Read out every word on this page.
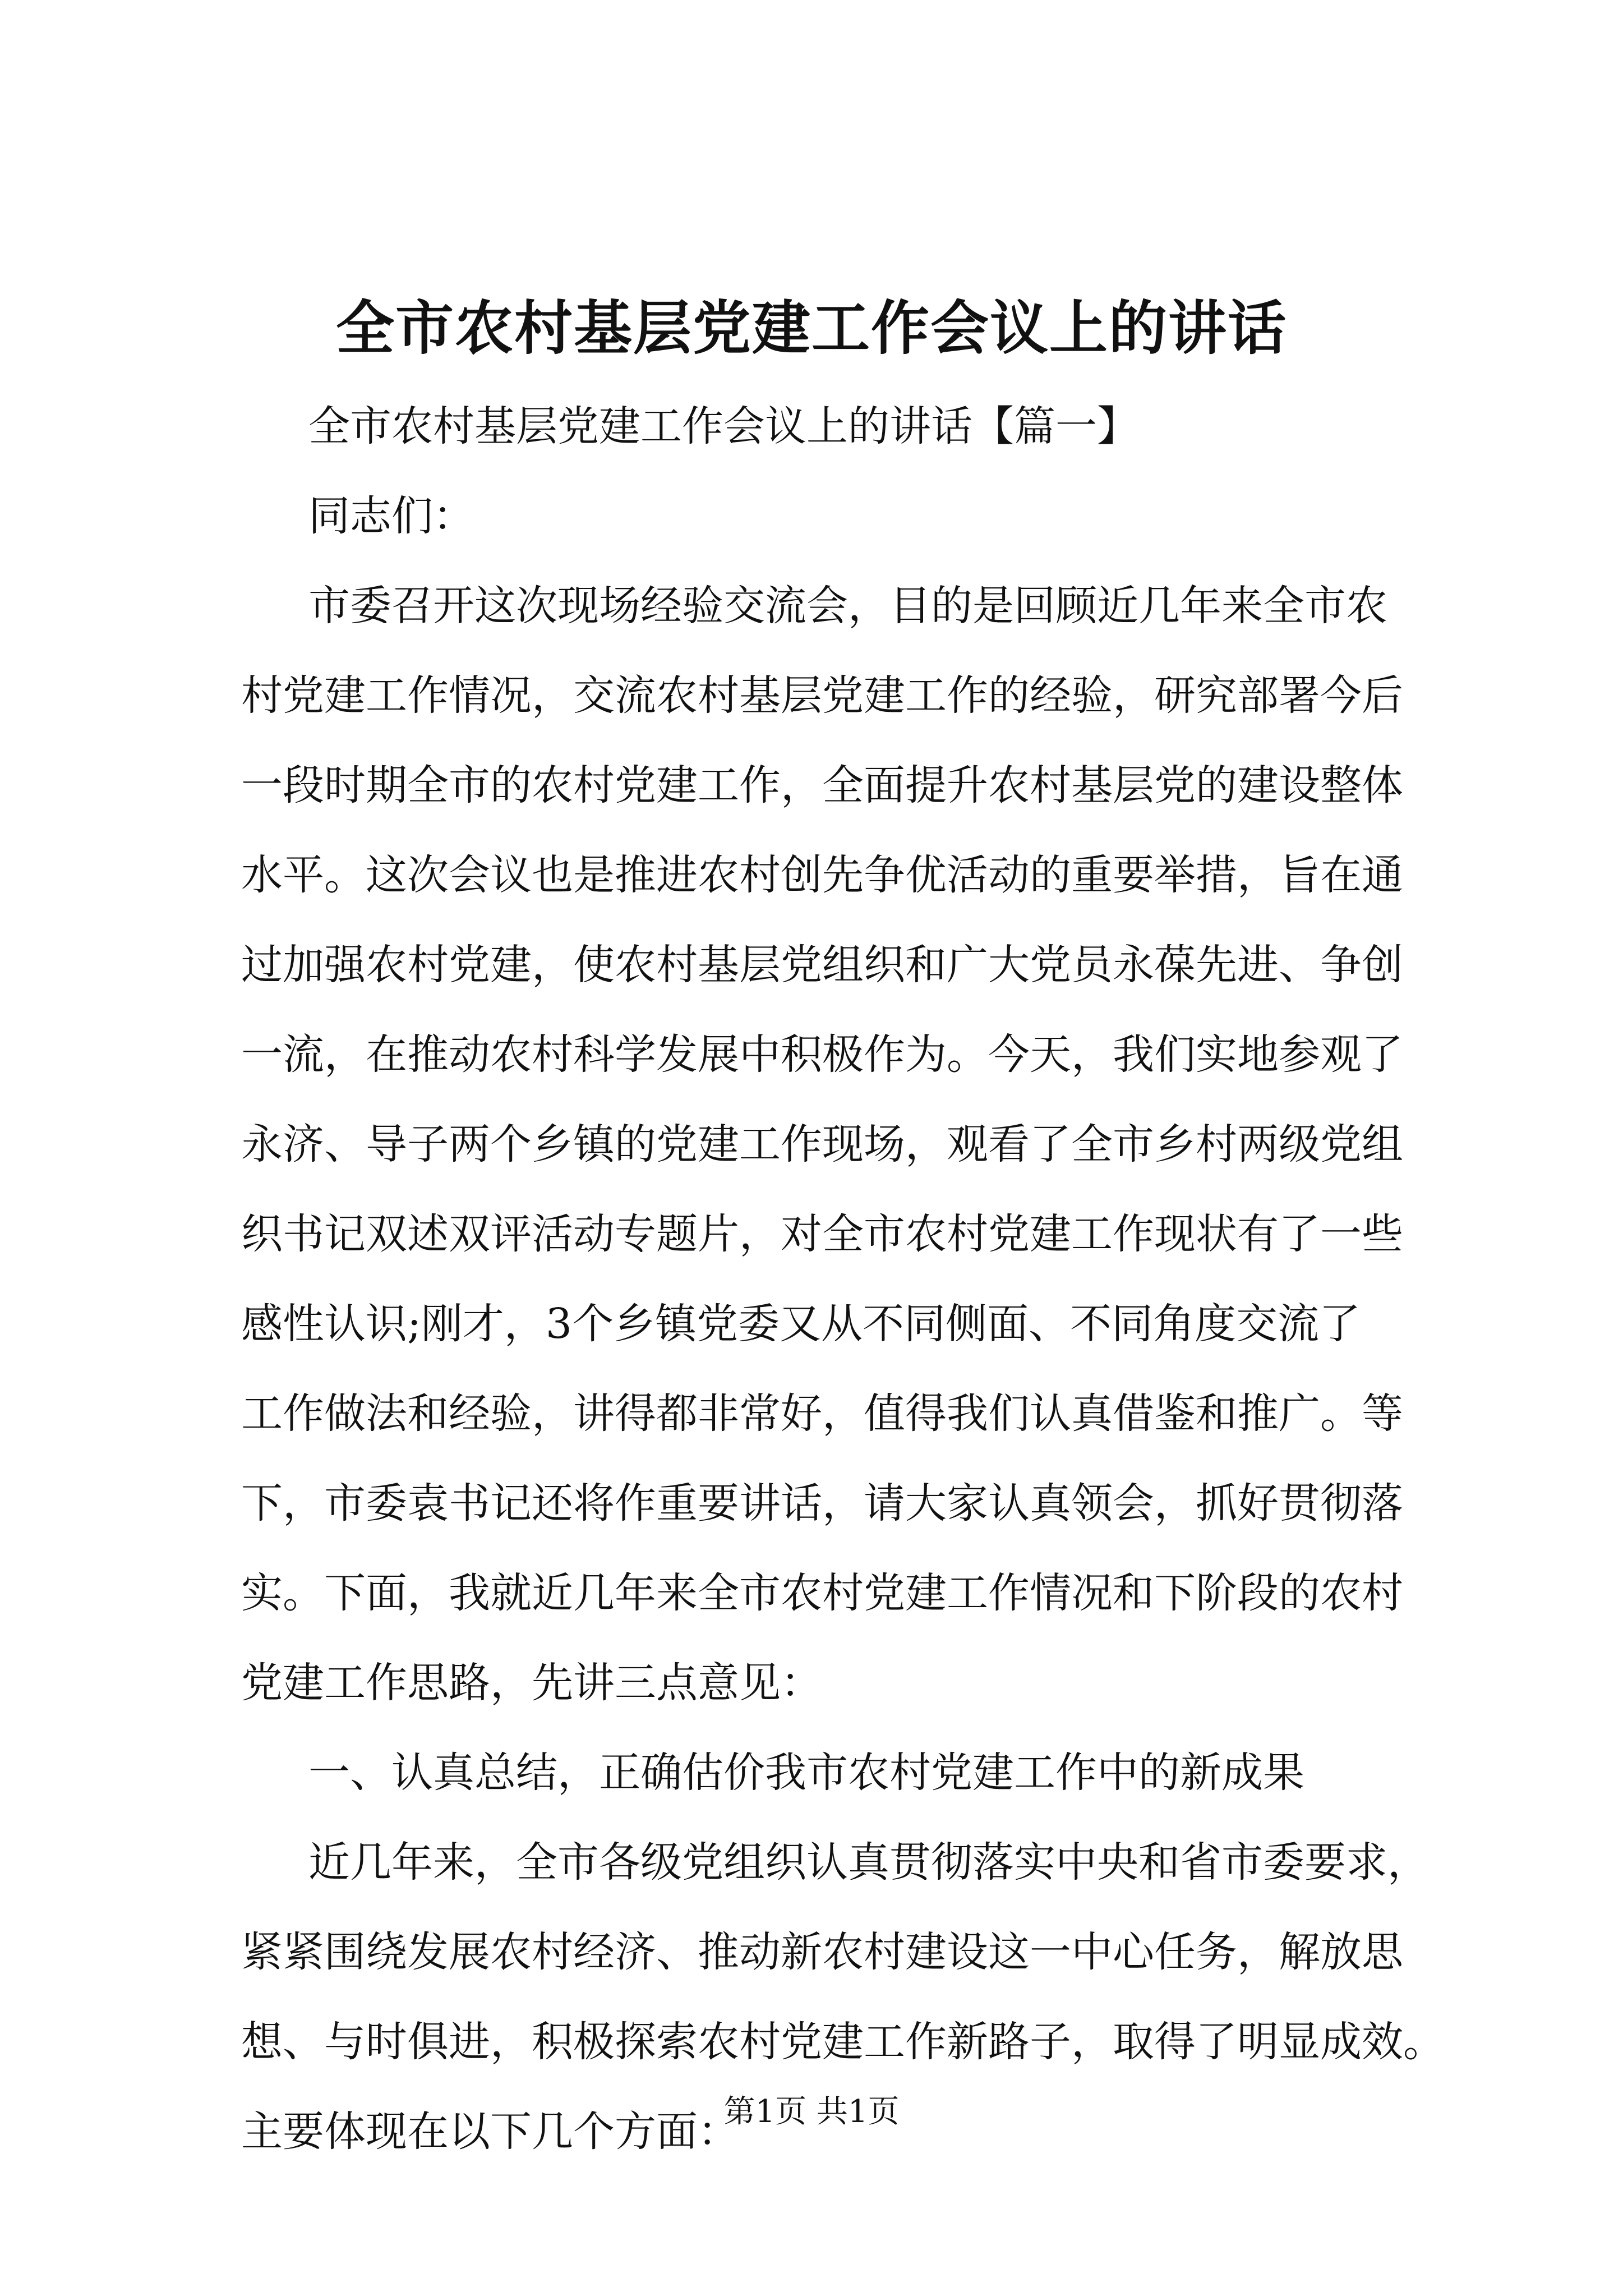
全市农村基层党建工作会议上的讲话
全市农村基层党建工作会议上的讲话【篇一】
同志们：
市委召开这次现场经验交流会，目的是回顾近几年来全市农
村党建工作情况，交流农村基层党建工作的经验，研究部署今后
一段时期全市的农村党建工作，全面提升农村基层党的建设整体
水平。这次会议也是推进农村创先争优活动的重要举措，旨在通
过加强农村党建，使农村基层党组织和广大党员永葆先进、争创
一流，在推动农村科学发展中积极作为。今天，我们实地参观了
永济、导子两个乡镇的党建工作现场，观看了全市乡村两级党组
织书记双述双评活动专题片，对全市农村党建工作现状有了一些
感性认识;刚才，3个乡镇党委又从不同侧面、不同角度交流了
工作做法和经验，讲得都非常好，值得我们认真借鉴和推广。等
下，市委袁书记还将作重要讲话，请大家认真领会，抓好贯彻落
实。下面，我就近几年来全市农村党建工作情况和下阶段的农村
党建工作思路，先讲三点意见：
一、认真总结，正确估价我市农村党建工作中的新成果
近几年来，全市各级党组织认真贯彻落实中央和省市委要求，
紧紧围绕发展农村经济、推动新农村建设这一中心任务，解放思
想、与时俱进，积极探索农村党建工作新路子，取得了明显成效。
主要体现在以下几个方面：
第1页 共1页
